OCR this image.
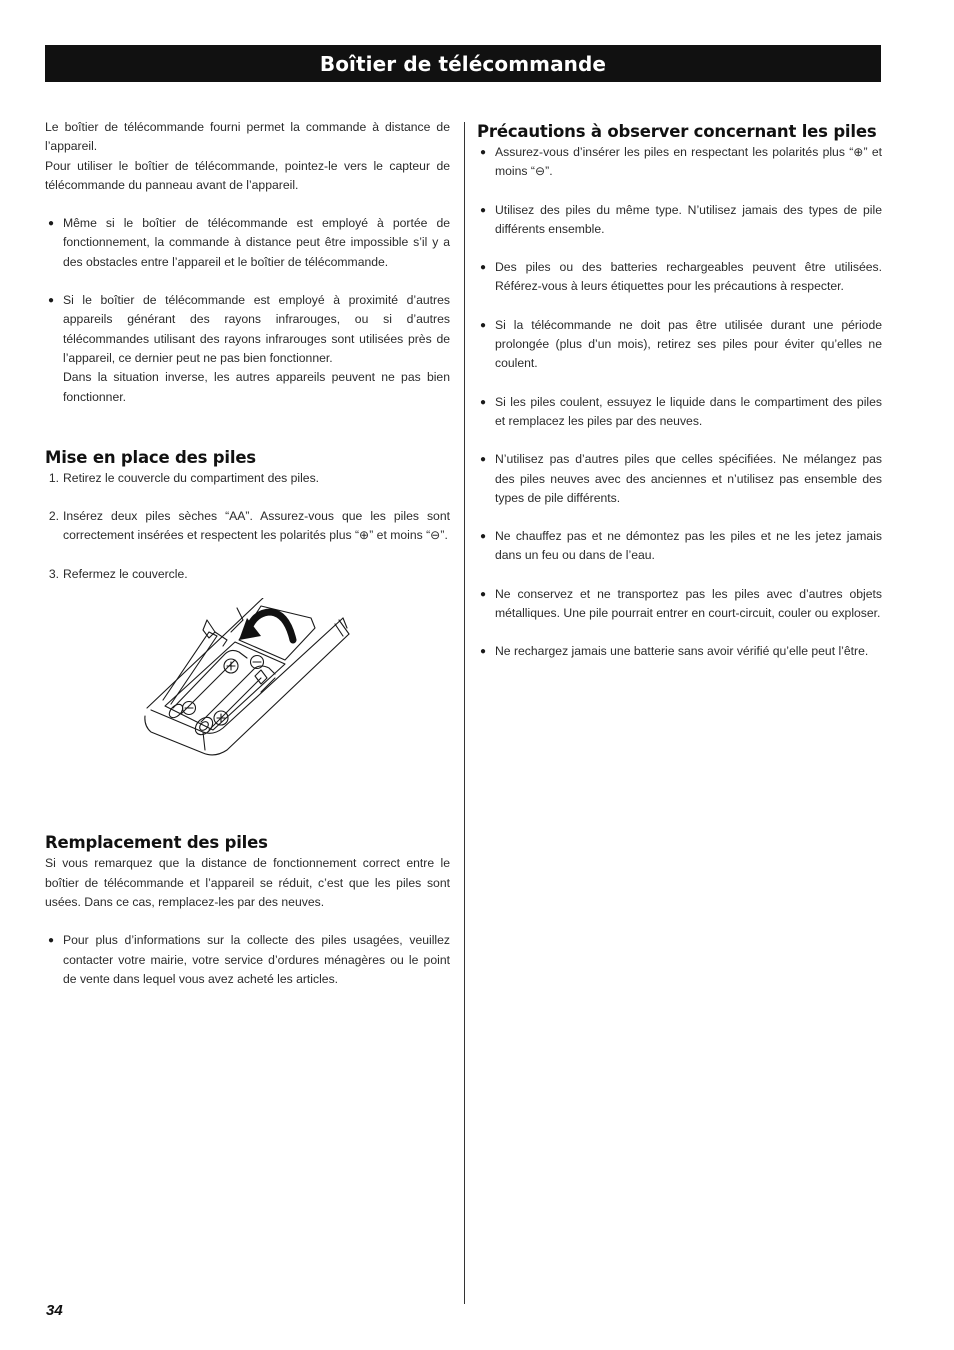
Boîtier de télécommande

Le boîtier de télécommande fourni permet la commande à distance de l’appareil.

Pour utiliser le boîtier de télécommande, pointez-le vers le capteur de télécommande du panneau avant de l’appareil.

● Même si le boîtier de télécommande est employé à portée de fonctionnement, la commande à distance peut être impossible s’il y a des obstacles entre l’appareil et le boîtier de télécommande.
● Si le boîtier de télécommande est employé à proximité d’autres appareils générant des rayons infrarouges, ou si d’autres télécommandes utilisant des rayons infrarouges sont utilisées près de l’appareil, ce dernier peut ne pas bien fonctionner.
Dans la situation inverse, les autres appareils peuvent ne pas bien fonctionner.
Mise en place des piles
1. Retirez le couvercle du compartiment des piles.
2. Insérez deux piles sèches “AA”. Assurez-vous que les piles sont correctement insérées et respectent les polarités plus “⊕” et moins “⊖”.
3. Refermez le couvercle.
Remplacement des piles

Si vous remarquez que la distance de fonctionnement correct entre le boîtier de télécommande et l’appareil se réduit, c’est que les piles sont usées. Dans ce cas, remplacez-les par des neuves.

● Pour plus d’informations sur la collecte des piles usagées, veuillez contacter votre mairie, votre service d’ordures ménagères ou le point de vente dans lequel vous avez acheté les articles.
Précautions à observer concernant les piles
● Assurez-vous d’insérer les piles en respectant les polarités plus “⊕” et moins “⊖”.
● Utilisez des piles du même type. N’utilisez jamais des types de pile différents ensemble.
● Des piles ou des batteries rechargeables peuvent être utilisées. Référez-vous à leurs étiquettes pour les précautions à respecter.
● Si la télécommande ne doit pas être utilisée durant une période prolongée (plus d’un mois), retirez ses piles pour éviter qu’elles ne coulent.
● Si les piles coulent, essuyez le liquide dans le compartiment des piles et remplacez les piles par des neuves.
● N’utilisez pas d’autres piles que celles spécifiées. Ne mélangez pas des piles neuves avec des anciennes et n’utilisez pas ensemble des types de pile différents.
● Ne chauffez pas et ne démontez pas les piles et ne les jetez jamais dans un feu ou dans de l’eau.
● Ne conservez et ne transportez pas les piles avec d’autres objets métalliques. Une pile pourrait entrer en court-circuit, couler ou exploser.
● Ne rechargez jamais une batterie sans avoir vérifié qu’elle peut l’être.
34
